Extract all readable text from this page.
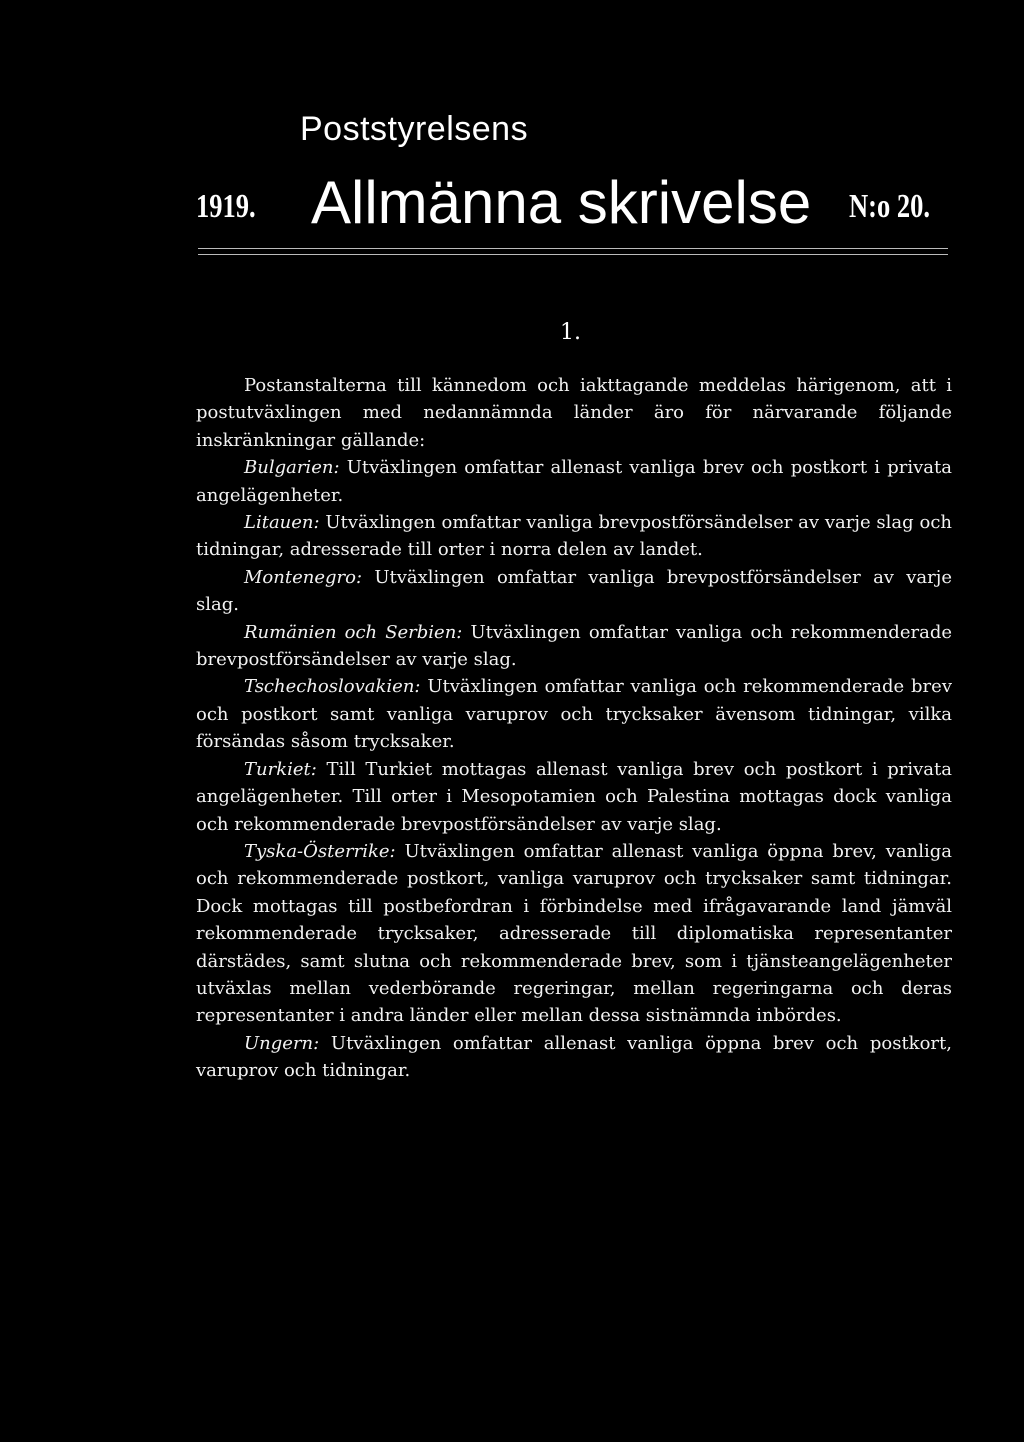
Poststyrelsens
1919. Allmänna skrivelse N:o 20.
1.

Postanstalterna till kännedom och iakttagande meddelas härigenom, att i postutväxlingen med nedannämnda länder äro för närvarande följande inskränkningar gällande:

Bulgarien: Utväxlingen omfattar allenast vanliga brev och postkort i privata angelägenheter.

Litauen: Utväxlingen omfattar vanliga brevpostförsändelser av varje slag och tidningar, adresserade till orter i norra delen av landet.

Montenegro: Utväxlingen omfattar vanliga brevpostförsändelser av varje slag.

Rumänien och Serbien: Utväxlingen omfattar vanliga och rekommenderade brevpostförsändelser av varje slag.

Tschechoslovakien: Utväxlingen omfattar vanliga och rekommenderade brev och postkort samt vanliga varuprov och trycksaker ävensom tidningar, vilka försändas såsom trycksaker.

Turkiet: Till Turkiet mottagas allenast vanliga brev och postkort i privata angelägenheter. Till orter i Mesopotamien och Palestina mottagas dock vanliga och rekommenderade brevpostförsändelser av varje slag.

Tyska-Österrike: Utväxlingen omfattar allenast vanliga öppna brev, vanliga och rekommenderade postkort, vanliga varuprov och trycksaker samt tidningar. Dock mottagas till postbefordran i förbindelse med ifrågavarande land jämväl rekommenderade trycksaker, adresserade till diplomatiska representanter därstädes, samt slutna och rekommenderade brev, som i tjänsteangelägenheter utväxlas mellan vederbörande regeringar, mellan regeringarna och deras representanter i andra länder eller mellan dessa sistnämnda inbördes.

Ungern: Utväxlingen omfattar allenast vanliga öppna brev och postkort, varuprov och tidningar.
